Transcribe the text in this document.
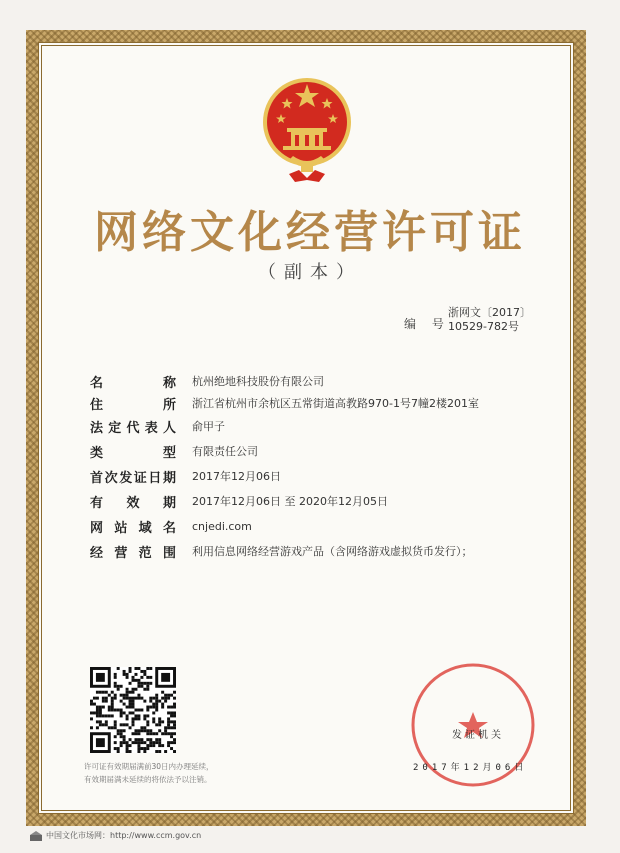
网络文化经营许可证
（副本）
编 号
浙网文〔2017〕
10529-782号
名	称 杭州绝地科技股份有限公司
住	所 浙江省杭州市余杭区五常街道高教路970-1号7幢2楼201室
法 定 代 表 人 俞甲子
类	型 有限责任公司
首 次 发 证 日 期 2017年12月06日
有 效 期 2017年12月06日 至 2020年12月05日
网 站 域 名 cnjedi.com
经 营 范 围 利用信息网络经营游戏产品（含网络游戏虚拟货币发行）；
许可证有效期届满前30日内办理延续，
有效期届满未延续的将依法予以注销。
发证机关
2017年12月06日
中国文化市场网：http://www.ccm.gov.cn
